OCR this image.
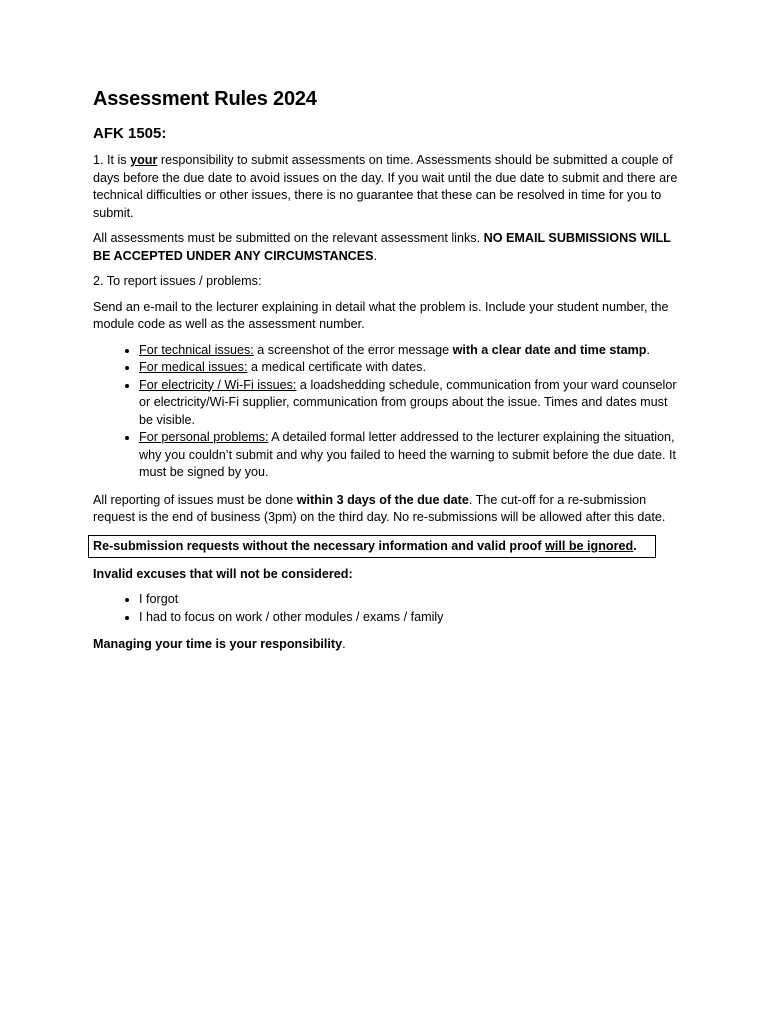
Assessment Rules 2024
AFK 1505:

1. It is your responsibility to submit assessments on time. Assessments should be submitted a couple of days before the due date to avoid issues on the day. If you wait until the due date to submit and there are technical difficulties or other issues, there is no guarantee that these can be resolved in time for you to submit.

All assessments must be submitted on the relevant assessment links. NO EMAIL SUBMISSIONS WILL BE ACCEPTED UNDER ANY CIRCUMSTANCES.

2. To report issues / problems:

Send an e-mail to the lecturer explaining in detail what the problem is. Include your student number, the module code as well as the assessment number.

• For technical issues: a screenshot of the error message with a clear date and time stamp.
• For medical issues: a medical certificate with dates.
• For electricity / Wi-Fi issues: a loadshedding schedule, communication from your ward counselor or electricity/Wi-Fi supplier, communication from groups about the issue. Times and dates must be visible.
• For personal problems: A detailed formal letter addressed to the lecturer explaining the situation, why you couldn’t submit and why you failed to heed the warning to submit before the due date. It must be signed by you.

All reporting of issues must be done within 3 days of the due date. The cut-off for a re-submission request is the end of business (3pm) on the third day. No re-submissions will be allowed after this date.

Re-submission requests without the necessary information and valid proof will be ignored.

Invalid excuses that will not be considered:

• I forgot
• I had to focus on work / other modules / exams / family

Managing your time is your responsibility.
